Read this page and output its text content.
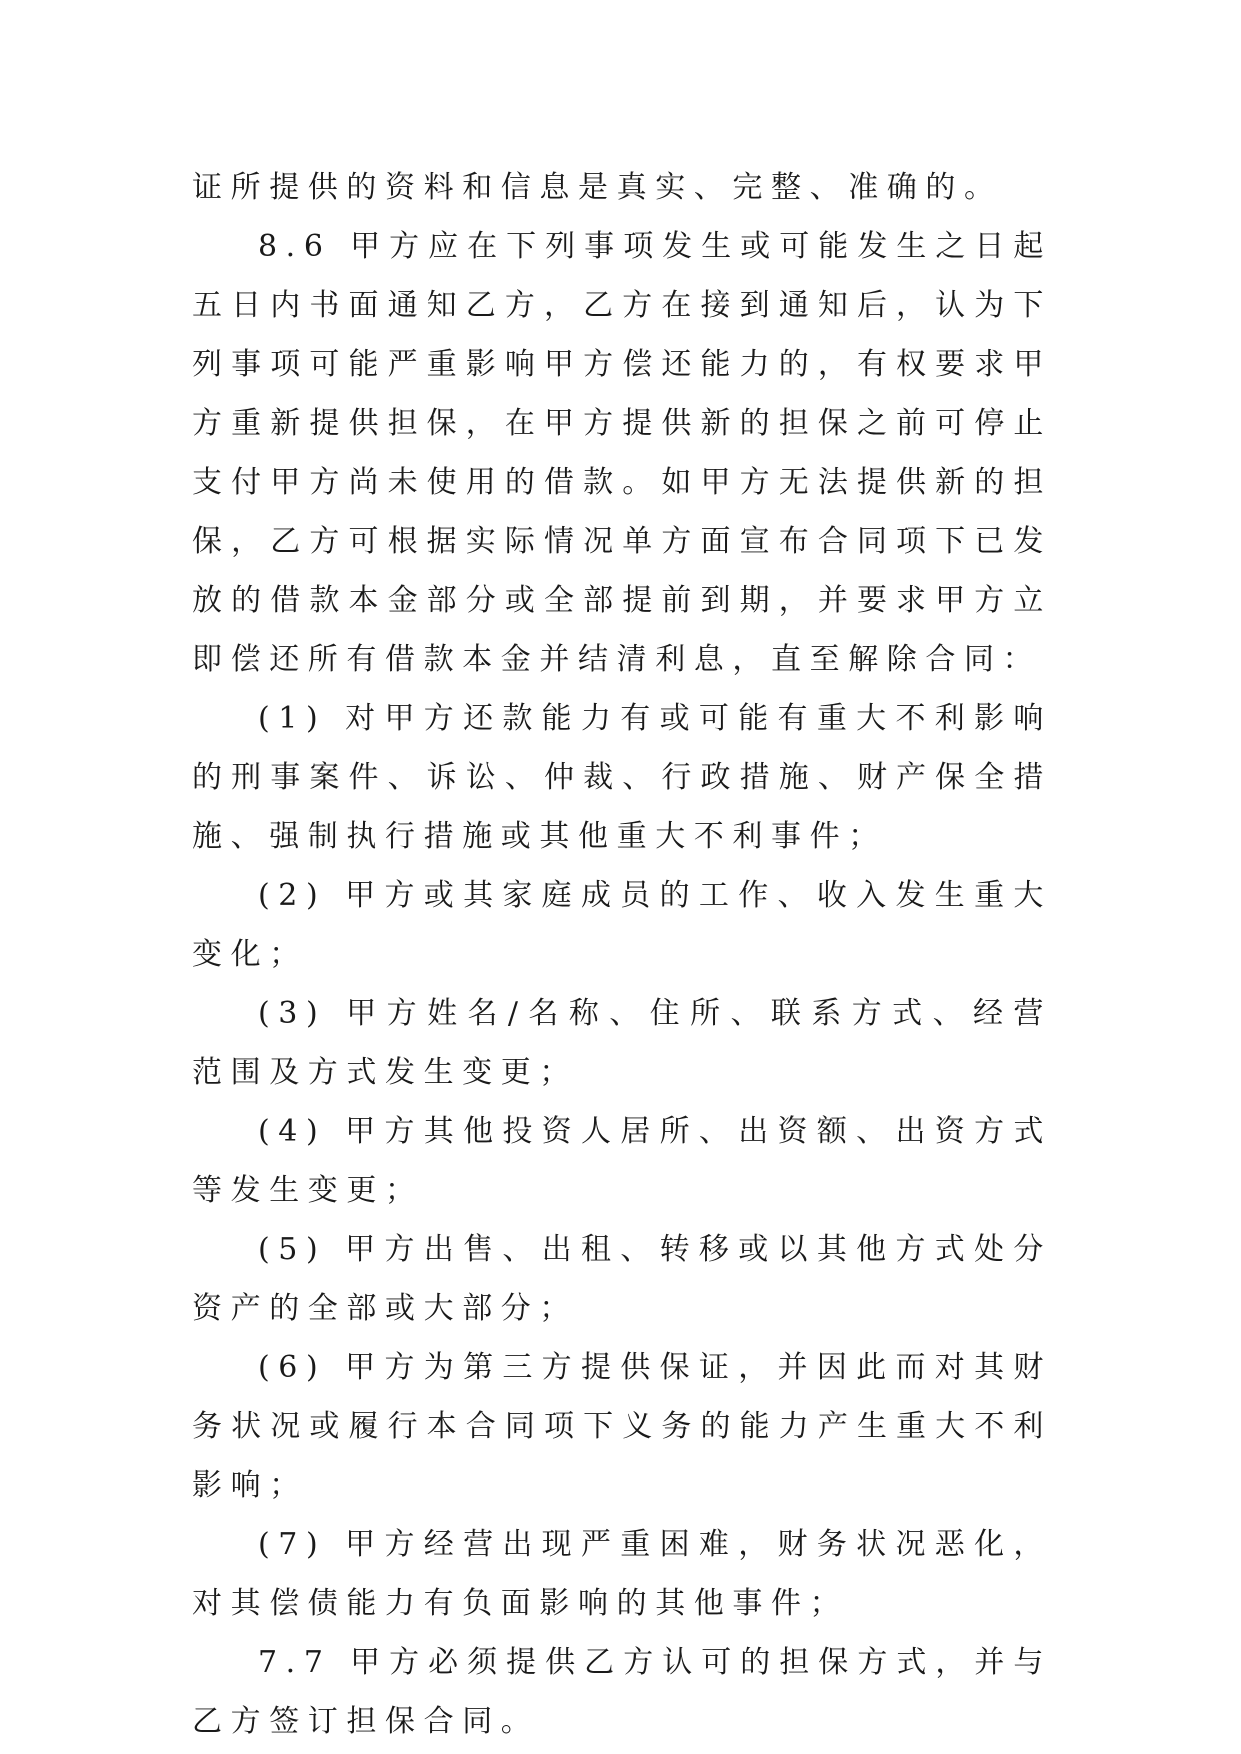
证所提供的资料和信息是真实、完整、准确的。

8.6 甲方应在下列事项发生或可能发生之日起五日内书面通知乙方，乙方在接到通知后，认为下列事项可能严重影响甲方偿还能力的，有权要求甲方重新提供担保，在甲方提供新的担保之前可停止支付甲方尚未使用的借款。如甲方无法提供新的担保，乙方可根据实际情况单方面宣布合同项下已发放的借款本金部分或全部提前到期，并要求甲方立即偿还所有借款本金并结清利息，直至解除合同：

(1) 对甲方还款能力有或可能有重大不利影响的刑事案件、诉讼、仲裁、行政措施、财产保全措施、强制执行措施或其他重大不利事件；

(2) 甲方或其家庭成员的工作、收入发生重大变化；

(3) 甲方姓名/名称、住所、联系方式、经营范围及方式发生变更；

(4) 甲方其他投资人居所、出资额、出资方式等发生变更；

(5) 甲方出售、出租、转移或以其他方式处分资产的全部或大部分；

(6) 甲方为第三方提供保证，并因此而对其财务状况或履行本合同项下义务的能力产生重大不利影响；

(7) 甲方经营出现严重困难，财务状况恶化，对其偿债能力有负面影响的其他事件；

7.7 甲方必须提供乙方认可的担保方式，并与乙方签订担保合同。
